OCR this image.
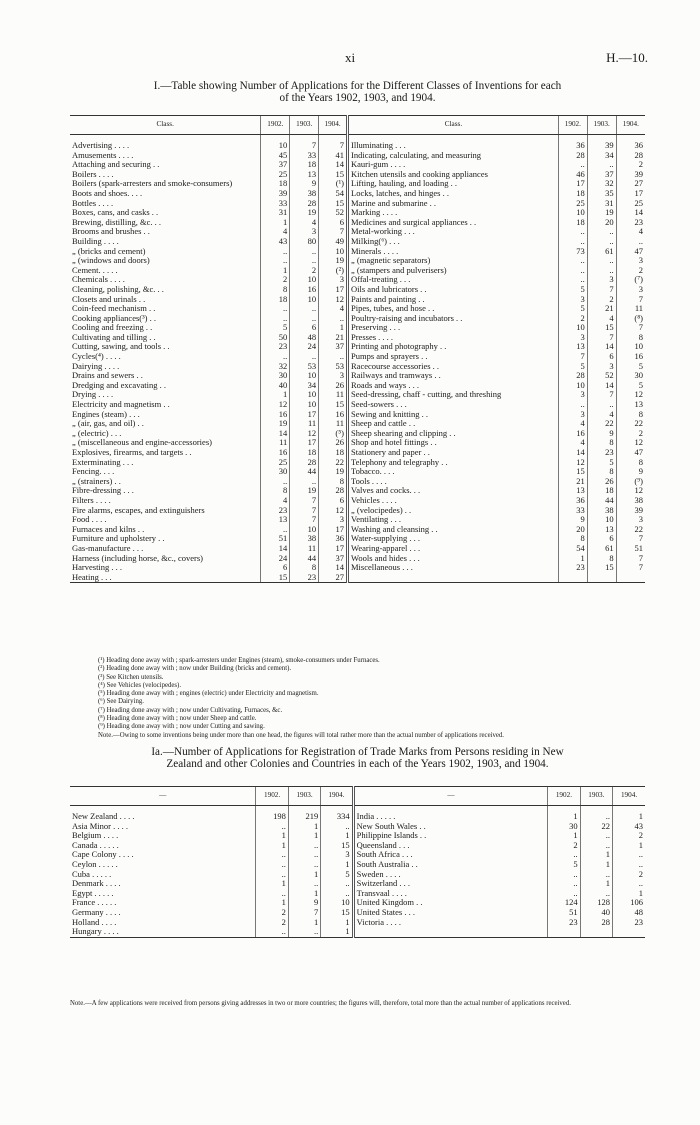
xi	H.—10.
I.—Table showing Number of Applications for the Different Classes of Inventions for each
of the Years 1902, 1903, and 1904.
Class.	1902.	1903.	1904.	Class.	1902.	1903.	1904.

Advertising . . . .	10	7	7	Illuminating . . .	36	39	36
Amusements . . . .	45	33	41	Indicating, calculating, and measuring	28	34	28
Attaching and securing . .	37	18	14	Kauri-gum . . . .	..	..	2
Boilers . . . .	25	13	15	Kitchen utensils and cooking appliances	46	37	39
Boilers (spark-arresters and smoke-consumers)	18	9	(¹)	Lifting, hauling, and loading . .	17	32	27
Boots and shoes. . . .	39	38	54	Locks, latches, and hinges . .	18	35	17
Bottles . . . .	33	28	15	Marine and submarine . .	25	31	25
Boxes, cans, and casks . .	31	19	52	Marking . . . .	10	19	14
Brewing, distilling, &c. . .	1	4	6	Medicines and surgical appliances . .	18	20	23
Brooms and brushes . .	4	3	7	Metal-working . . .	..	..	4
Building . . . .	43	80	49	Milking(⁶) . . .	..	..	..
„ (bricks and cement)	..	..	10	Minerals . . . .	73	61	47
„ (windows and doors)	..	..	19	„ (magnetic separators)	..	..	3
Cement. . . . .	1	2	(²)	„ (stampers and pulverisers)	..	..	2
Chemicals . . . .	2	10	3	Offal-treating . . .	..	3	(⁷)
Cleaning, polishing, &c. . .	8	16	17	Oils and lubricators . .	5	7	3
Closets and urinals . .	18	10	12	Paints and painting . .	3	2	7
Coin-feed mechanism . .	..	..	4	Pipes, tubes, and hose . .	5	21	11
Cooking appliances(³) . .	..	..	..	Poultry-raising and incubators . .	2	4	(⁸)
Cooling and freezing . .	5	6	1	Preserving . . .	10	15	7
Cultivating and tilling . .	50	48	21	Presses . . . .	3	7	8
Cutting, sawing, and tools . .	23	24	37	Printing and photography . .	13	14	10
Cycles(⁴) . . . .	..	..	..	Pumps and sprayers . .	7	6	16
Dairying . . . .	32	53	53	Racecourse accessories . .	5	3	5
Drains and sewers . .	30	10	3	Railways and tramways . .	28	52	30
Dredging and excavating . .	40	34	26	Roads and ways . . .	10	14	5
Drying . . . .	1	10	11	Seed-dressing, chaff - cutting, and threshing	3	7	12
Electricity and magnetism . .	12	10	15	Seed-sowers . . .	..	..	13
Engines (steam) . . .	16	17	16	Sewing and knitting . .	3	4	8
„ (air, gas, and oil) . .	19	11	11	Sheep and cattle . .	4	22	22
„ (electric) . . .	14	12	(⁵)	Sheep shearing and clipping . .	16	9	2
„ (miscellaneous and engine-accessories)	11	17	26	Shop and hotel fittings . .	4	8	12
Explosives, firearms, and targets . .	16	18	18	Stationery and paper . .	14	23	47
Exterminating . . .	25	28	22	Telephony and telegraphy . .	12	5	8
Fencing. . . .	30	44	19	Tobacco. . . .	15	8	9
„ (strainers) . .	..	..	8	Tools . . . .	21	26	(⁹)
Fibre-dressing . . .	8	19	28	Valves and cocks. . .	13	18	12
Filters . . . .	4	7	6	Vehicles . . . .	36	44	38
Fire alarms, escapes, and extinguishers	23	7	12	„ (velocipedes) . .	33	38	39
Food . . . .	13	7	3	Ventilating . . .	9	10	3
Furnaces and kilns . .	..	10	17	Washing and cleansing . .	20	13	22
Furniture and upholstery . .	51	38	36	Water-supplying . . .	8	6	7
Gas-manufacture . . .	14	11	17	Wearing-apparel . . .	54	61	51
Harness (including horse, &c., covers)	24	44	37	Wools and hides . . .	1	8	7
Harvesting . . .	6	8	14	Miscellaneous . . .	23	15	7
Heating . . .	15	23	27				

(¹) Heading done away with ; spark-arresters under Engines (steam), smoke-consumers under Furnaces.

(²) Heading done away with ; now under Building (bricks and cement).

(³) See Kitchen utensils.

(⁴) See Vehicles (velocipedes).

(⁵) Heading done away with ; engines (electric) under Electricity and magnetism.

(⁶) See Dairying.

(⁷) Heading done away with ; now under Cultivating, Furnaces, &c.

(⁸) Heading done away with ; now under Sheep and cattle.

(⁹) Heading done away with ; now under Cutting and sawing.

Note.—Owing to some inventions being under more than one head, the figures will total rather more than the actual number of applications received.

Ia.—Number of Applications for Registration of Trade Marks from Persons residing in New
Zealand and other Colonies and Countries in each of the Years 1902, 1903, and 1904.
—	1902.	1903.	1904.	—	1902.	1903.	1904.

New Zealand . . . .	198	219	334	India . . . . .	1	..	1
Asia Minor . . . .	..	1	..	New South Wales . .	30	22	43
Belgium . . . .	1	1	1	Philippine Islands . .	1	..	2
Canada . . . . .	1	..	15	Queensland . . .	2	..	1
Cape Colony . . . .	..	..	3	South Africa . . .	..	1	..
Ceylon . . . . .	..	..	1	South Australia . .	5	1	..
Cuba . . . . .	..	1	5	Sweden . . . .	..	..	2
Denmark . . . .	1	..	..	Switzerland . . .	..	1	..
Egypt . . . . .	..	1	..	Transvaal . . . .	..	..	1
France . . . . .	1	9	10	United Kingdom . .	124	128	106
Germany . . . .	2	7	15	United States . . .	51	40	48
Holland . . . .	2	1	1	Victoria . . . .	23	28	23
Hungary . . . .	..	..	1				

Note.—A few applications were received from persons giving addresses in two or more countries; the figures will, therefore, total more than the actual number of applications received.
